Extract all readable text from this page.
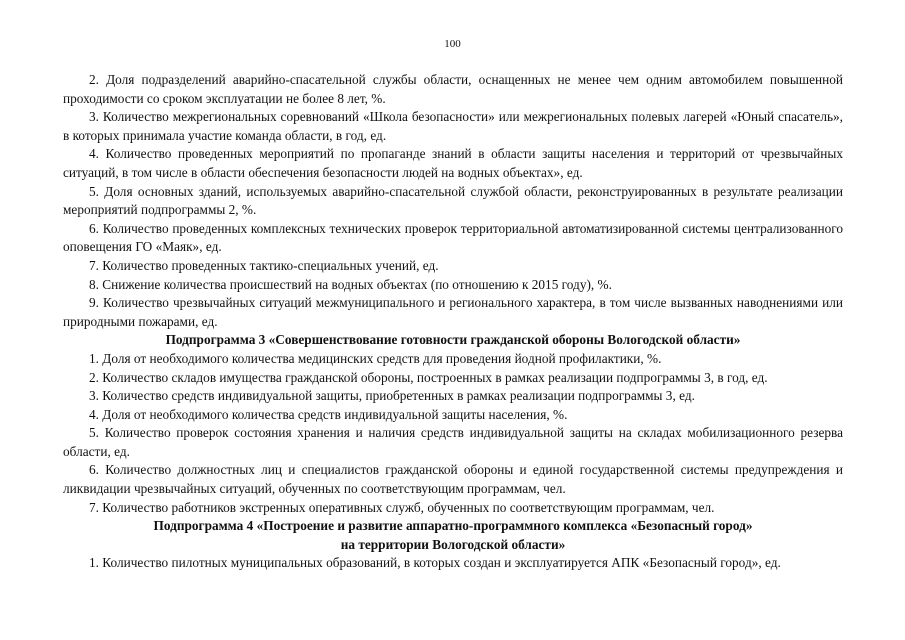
100

2. Доля подразделений аварийно-спасательной службы области, оснащенных не менее чем одним автомобилем повышенной проходимости со сроком эксплуатации не более 8 лет, %.

3. Количество межрегиональных соревнований «Школа безопасности» или межрегиональных полевых лагерей «Юный спасатель», в которых принимала участие команда области, в год, ед.

4. Количество проведенных мероприятий по пропаганде знаний в области защиты населения и территорий от чрезвычайных ситуаций, в том числе в области обеспечения безопасности людей на водных объектах», ед.

5. Доля основных зданий, используемых аварийно-спасательной службой области, реконструированных в результате реализации мероприятий подпрограммы 2, %.

6. Количество проведенных комплексных технических проверок территориальной автоматизированной системы централизованного оповещения ГО «Маяк», ед.

7. Количество проведенных тактико-специальных учений, ед.

8. Снижение количества происшествий на водных объектах (по отношению к 2015 году), %.

9. Количество чрезвычайных ситуаций межмуниципального и регионального характера, в том числе вызванных наводнениями или природными пожарами, ед.

Подпрограмма 3 «Совершенствование готовности гражданской обороны Вологодской области»

1. Доля от необходимого количества медицинских средств для проведения йодной профилактики, %.

2. Количество складов имущества гражданской обороны, построенных в рамках реализации подпрограммы 3, в год, ед.

3. Количество средств индивидуальной защиты, приобретенных в рамках реализации подпрограммы 3, ед.

4. Доля от необходимого количества средств индивидуальной защиты населения, %.

5. Количество проверок состояния хранения и наличия средств индивидуальной защиты на складах мобилизационного резерва области, ед.

6. Количество должностных лиц и специалистов гражданской обороны и единой государственной системы предупреждения и ликвидации чрезвычайных ситуаций, обученных по соответствующим программам, чел.

7. Количество работников экстренных оперативных служб, обученных по соответствующим программам, чел.

Подпрограмма 4 «Построение и развитие аппаратно-программного комплекса «Безопасный город»

на территории Вологодской области»

1. Количество пилотных муниципальных образований, в которых создан и эксплуатируется АПК «Безопасный город», ед.
